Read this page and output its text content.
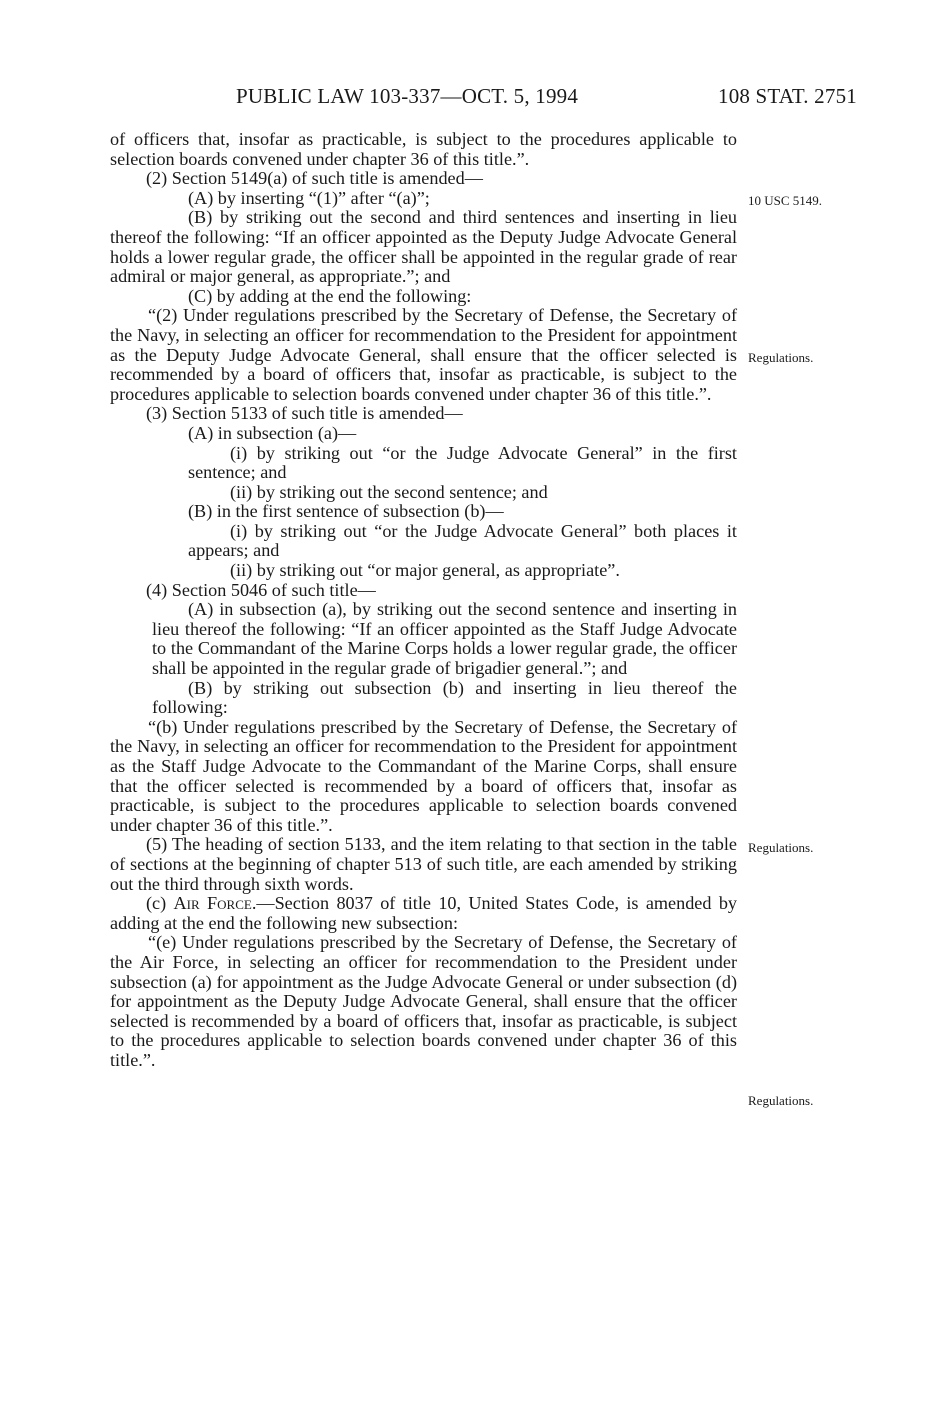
PUBLIC LAW 103-337—OCT. 5, 1994	108 STAT. 2751
10 USC 5149.
Regulations.
Regulations.
Regulations.

of officers that, insofar as practicable, is subject to the procedures applicable to selection boards convened under chapter 36 of this title.”.

(2) Section 5149(a) of such title is amended—

(A) by inserting “(1)” after “(a)”;

(B) by striking out the second and third sentences and inserting in lieu thereof the following: “If an officer appointed as the Deputy Judge Advocate General holds a lower regular grade, the officer shall be appointed in the regular grade of rear admiral or major general, as appropriate.”; and

(C) by adding at the end the following:

“(2) Under regulations prescribed by the Secretary of Defense, the Secretary of the Navy, in selecting an officer for recommendation to the President for appointment as the Deputy Judge Advocate General, shall ensure that the officer selected is recommended by a board of officers that, insofar as practicable, is subject to the procedures applicable to selection boards convened under chapter 36 of this title.”.

(3) Section 5133 of such title is amended—

(A) in subsection (a)—

(i) by striking out “or the Judge Advocate General” in the first sentence; and

(ii) by striking out the second sentence; and

(B) in the first sentence of subsection (b)—

(i) by striking out “or the Judge Advocate General” both places it appears; and

(ii) by striking out “or major general, as appropriate”.

(4) Section 5046 of such title—

(A) in subsection (a), by striking out the second sentence and inserting in lieu thereof the following: “If an officer appointed as the Staff Judge Advocate to the Commandant of the Marine Corps holds a lower regular grade, the officer shall be appointed in the regular grade of brigadier general.”; and

(B) by striking out subsection (b) and inserting in lieu thereof the following:

“(b) Under regulations prescribed by the Secretary of Defense, the Secretary of the Navy, in selecting an officer for recommendation to the President for appointment as the Staff Judge Advocate to the Commandant of the Marine Corps, shall ensure that the officer selected is recommended by a board of officers that, insofar as practicable, is subject to the procedures applicable to selection boards convened under chapter 36 of this title.”.

(5) The heading of section 5133, and the item relating to that section in the table of sections at the beginning of chapter 513 of such title, are each amended by striking out the third through sixth words.

(c) Air Force.—Section 8037 of title 10, United States Code, is amended by adding at the end the following new subsection:

“(e) Under regulations prescribed by the Secretary of Defense, the Secretary of the Air Force, in selecting an officer for recommendation to the President under subsection (a) for appointment as the Judge Advocate General or under subsection (d) for appointment as the Deputy Judge Advocate General, shall ensure that the officer selected is recommended by a board of officers that, insofar as practicable, is subject to the procedures applicable to selection boards convened under chapter 36 of this title.”.
